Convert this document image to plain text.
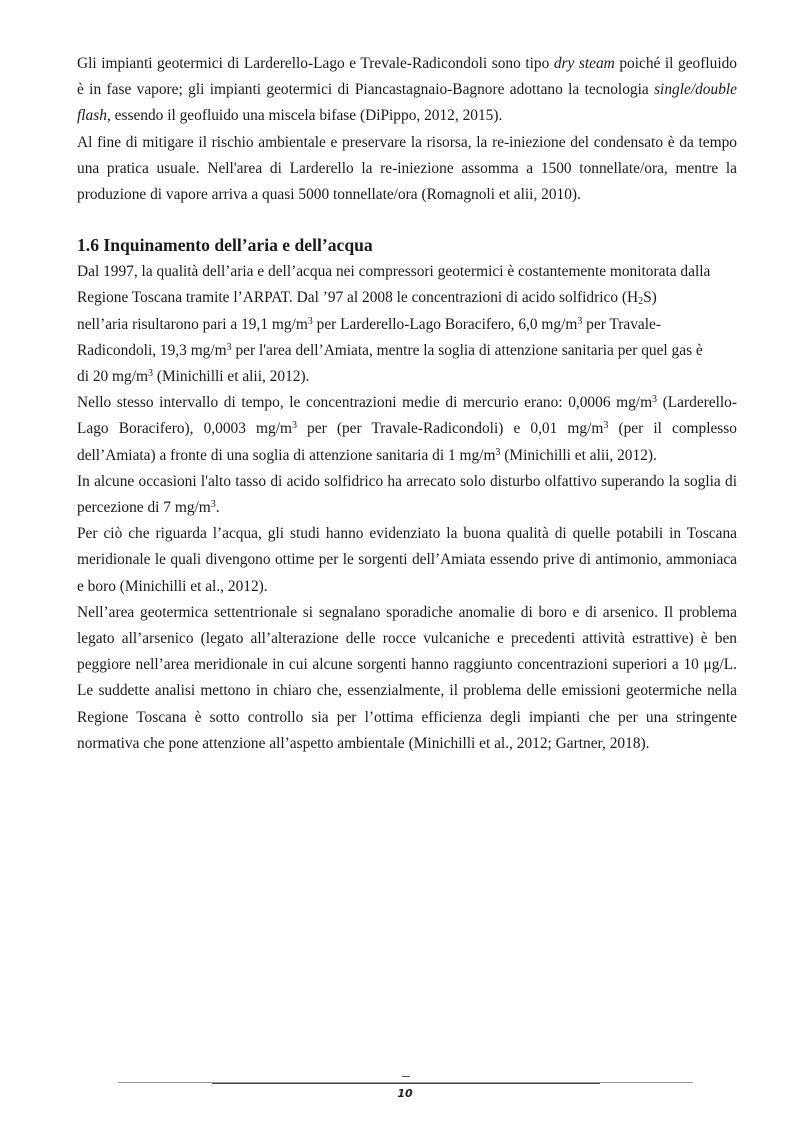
Gli impianti geotermici di Larderello-Lago e Trevale-Radicondoli sono tipo dry steam poiché il geofluido è in fase vapore; gli impianti geotermici di Piancastagnaio-Bagnore adottano la tecnologia single/double flash, essendo il geofluido una miscela bifase (DiPippo, 2012, 2015).

Al fine di mitigare il rischio ambientale e preservare la risorsa, la re-iniezione del condensato è da tempo una pratica usuale. Nell'area di Larderello la re-iniezione assomma a 1500 tonnellate/ora, mentre la produzione di vapore arriva a quasi 5000 tonnellate/ora (Romagnoli et alii, 2010).

1.6 Inquinamento dell’aria e dell’acqua

Dal 1997, la qualità dell’aria e dell’acqua nei compressori geotermici è costantemente monitorata dalla
Regione Toscana tramite l’ARPAT. Dal ’97 al 2008 le concentrazioni di acido solfidrico $(H_2S)$
nell’aria risultarono pari a 19,1 $mg/m^3$ per Larderello-Lago Boracifero, 6,0 $mg/m^3$ per Travale-
Radicondoli, 19,3 $mg/m^3$ per l'area dell’Amiata, mentre la soglia di attenzione sanitaria per quel gas è
di 20 $mg/m^3$ (Minichilli et alii, 2012).

Nello stesso intervallo di tempo, le concentrazioni medie di mercurio erano: 0,0006 $mg/m^3$ (Larderello-Lago Boracifero), 0,0003 $mg/m^3$ per (per Travale-Radicondoli) e 0,01 $mg/m^3$ (per il complesso dell’Amiata) a fronte di una soglia di attenzione sanitaria di 1 $mg/m^3$ (Minichilli et alii, 2012).

In alcune occasioni l'alto tasso di acido solfidrico ha arrecato solo disturbo olfattivo superando la soglia di percezione di 7 $mg/m^3$.

Per ciò che riguarda l’acqua, gli studi hanno evidenziato la buona qualità di quelle potabili in Toscana meridionale le quali divengono ottime per le sorgenti dell’Amiata essendo prive di antimonio, ammoniaca e boro (Minichilli et al., 2012).

Nell’area geotermica settentrionale si segnalano sporadiche anomalie di boro e di arsenico. Il problema legato all’arsenico (legato all’alterazione delle rocce vulcaniche e precedenti attività estrattive) è ben peggiore nell’area meridionale in cui alcune sorgenti hanno raggiunto concentrazioni superiori a 10 μg/L. Le suddette analisi mettono in chiaro che, essenzialmente, il problema delle emissioni geotermiche nella Regione Toscana è sotto controllo sia per l’ottima efficienza degli impianti che per una stringente normativa che pone attenzione all’aspetto ambientale (Minichilli et al., 2012; Gartner, 2018).

10
